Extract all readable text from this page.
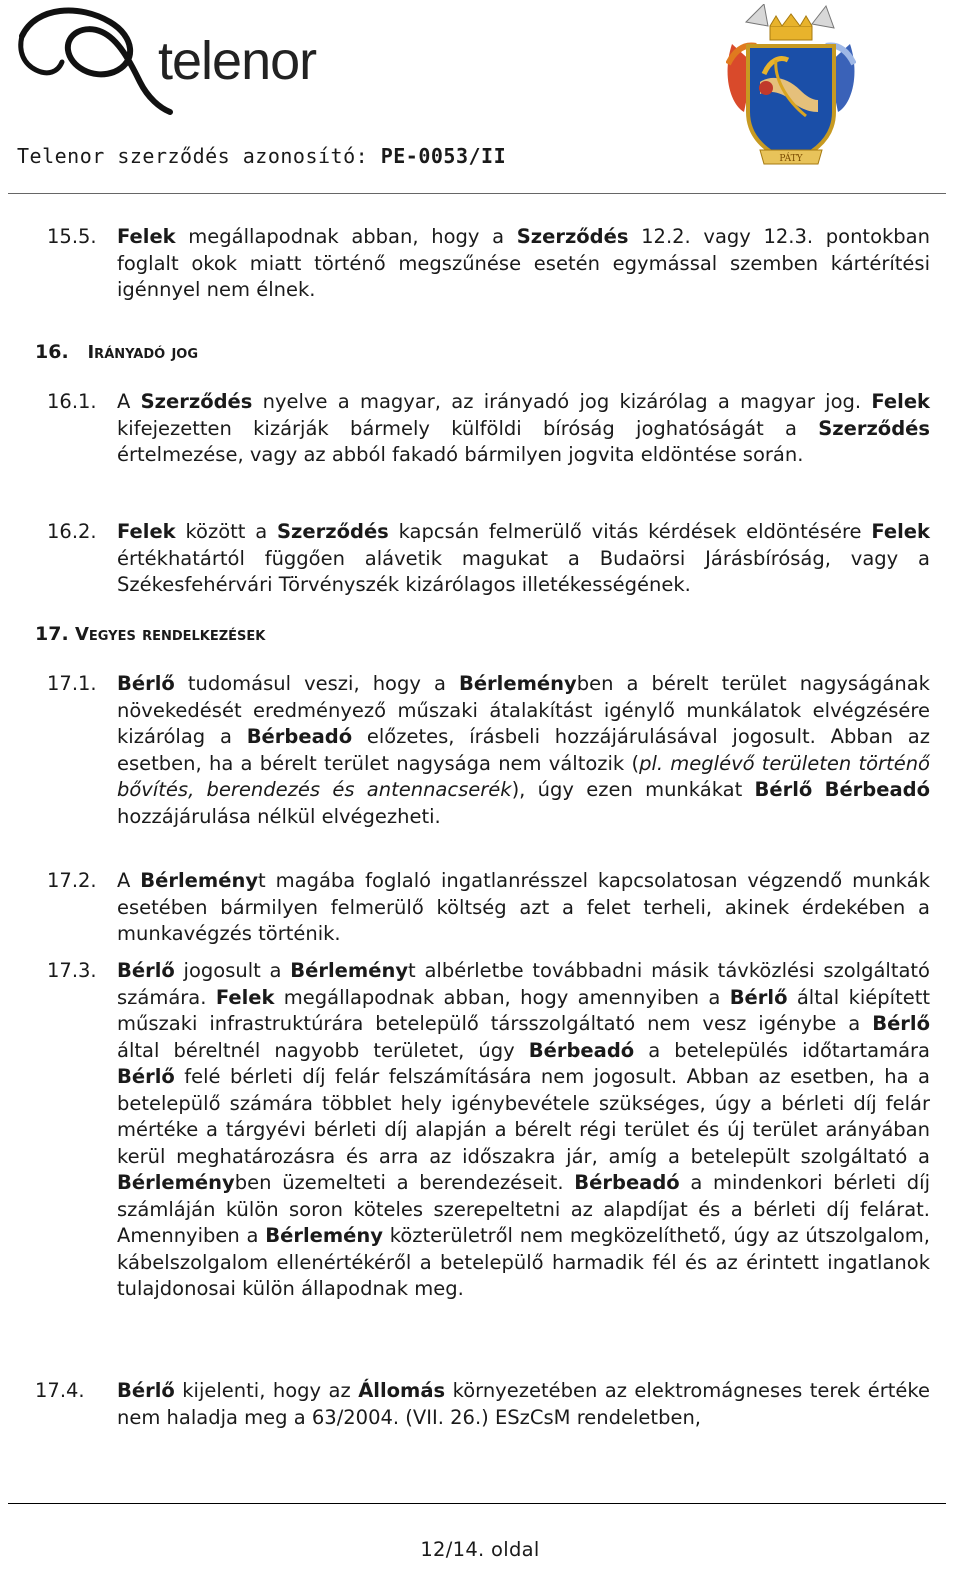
telenor
PÁTY
Telenor szerződés azonosító: PE-0053/II
15.5. Felek megállapodnak abban, hogy a Szerződés 12.2. vagy 12.3. pontokban foglalt okok miatt történő megszűnése esetén egymással szemben kártérítési igénnyel nem élnek.
16. Irányadó jog
16.1. A Szerződés nyelve a magyar, az irányadó jog kizárólag a magyar jog. Felek kifejezetten kizárják bármely külföldi bíróság joghatóságát a Szerződés értelmezése, vagy az abból fakadó bármilyen jogvita eldöntése során.
16.2. Felek között a Szerződés kapcsán felmerülő vitás kérdések eldöntésére Felek értékhatártól függően alávetik magukat a Budaörsi Járásbíróság, vagy a Székesfehérvári Törvényszék kizárólagos illetékességének.
17. Vegyes rendelkezések
17.1. Bérlő tudomásul veszi, hogy a Bérleményben a bérelt terület nagyságának növekedését eredményező műszaki átalakítást igénylő munkálatok elvégzésére kizárólag a Bérbeadó előzetes, írásbeli hozzájárulásával jogosult. Abban az esetben, ha a bérelt terület nagysága nem változik (pl. meglévő területen történő bővítés, berendezés és antennacserék), úgy ezen munkákat Bérlő Bérbeadó hozzájárulása nélkül elvégezheti.
17.2. A Bérleményt magába foglaló ingatlanrésszel kapcsolatosan végzendő munkák esetében bármilyen felmerülő költség azt a felet terheli, akinek érdekében a munkavégzés történik.
17.3. Bérlő jogosult a Bérleményt albérletbe továbbadni másik távközlési szolgáltató számára. Felek megállapodnak abban, hogy amennyiben a Bérlő által kiépített műszaki infrastruktúrára betelepülő társszolgáltató nem vesz igénybe a Bérlő által béreltnél nagyobb területet, úgy Bérbeadó a betelepülés időtartamára Bérlő felé bérleti díj felár felszámítására nem jogosult. Abban az esetben, ha a betelepülő számára többlet hely igénybevétele szükséges, úgy a bérleti díj felár mértéke a tárgyévi bérleti díj alapján a bérelt régi terület és új terület arányában kerül meghatározásra és arra az időszakra jár, amíg a betelepült szolgáltató a Bérleményben üzemelteti a berendezéseit. Bérbeadó a mindenkori bérleti díj számláján külön soron köteles szerepeltetni az alapdíjat és a bérleti díj felárat. Amennyiben a Bérlemény közterületről nem megközelíthető, úgy az útszolgalom, kábelszolgalom ellenértékéről a betelepülő harmadik fél és az érintett ingatlanok tulajdonosai külön állapodnak meg.
17.4. Bérlő kijelenti, hogy az Állomás környezetében az elektromágneses terek értéke nem haladja meg a 63/2004. (VII. 26.) ESzCsM rendeletben,
12/14. oldal
